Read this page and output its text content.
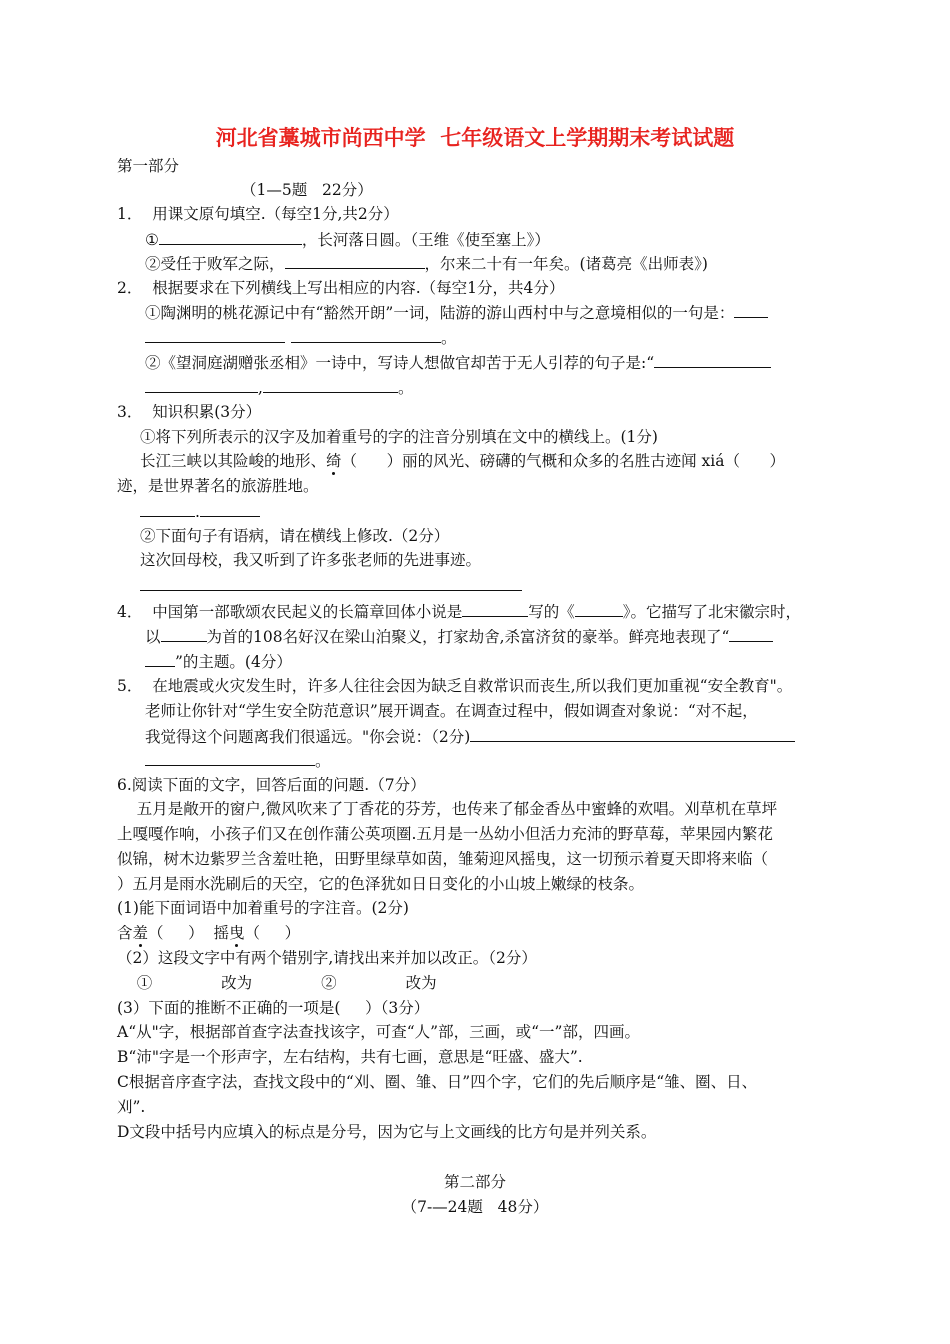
河北省藁城市尚西中学  七年级语文上学期期末考试试题
第一部分
（1—5题   22分）
1．  用课文原句填空.（每空1分,共2分）
①	，长河落日圆。（王维《使至塞上》）
②受任于败军之际，	，尔来二十有一年矣。(诸葛亮《出师表》)
2．  根据要求在下列横线上写出相应的内容.（每空1分，共4分）
①陶渊明的桃花源记中有“豁然开朗”一词，陆游的游山西村中与之意境相似的一句是：
。
②《望洞庭湖赠张丞相》一诗中，写诗人想做官却苦于无人引荐的句子是:“
,	。
3．  知识积累(3分）
①将下列所表示的汉字及加着重号的字的注音分别填在文中的横线上。(1分)
长江三峡以其险峻的地形、绮（      ）丽的风光、磅礴的气概和众多的名胜古迹闻 xiá（      ）
迹，是世界著名的旅游胜地。
.
②下面句子有语病，请在横线上修改.（2分）
这次回母校，我又听到了许多张老师的先进事迹。
4．  中国第一部歌颂农民起义的长篇章回体小说是	写的《	》。它描写了北宋徽宗时，
以	为首的108名好汉在梁山泊聚义，打家劫舍,杀富济贫的豪举。鲜亮地表现了“
”的主题。(4分）
5．  在地震或火灾发生时，许多人往往会因为缺乏自救常识而丧生,所以我们更加重视“安全教育"。
老师让你针对“学生安全防范意识”展开调查。在调查过程中，假如调查对象说：“对不起，
我觉得这个问题离我们很遥远。"你会说：（2分)
。
6.阅读下面的文字，回答后面的问题.（7分）
五月是敞开的窗户,微风吹来了丁香花的芬芳，也传来了郁金香丛中蜜蜂的欢唱。刈草机在草坪
上嘎嘎作响，小孩子们又在创作蒲公英项圈.五月是一丛幼小但活力充沛的野草莓，苹果园内繁花
似锦，树木边紫罗兰含羞吐艳，田野里绿草如茵，雏菊迎风摇曳，这一切预示着夏天即将来临（
）五月是雨水洗刷后的天空，它的色泽犹如日日变化的小山坡上嫩绿的枝条。
(1)能下面词语中加着重号的字注音。(2分)
含羞（     ）  摇曳（     ）
（2）这段文字中有两个错别字,请找出来并加以改正。（2分）
①              改为              ②              改为
(3）下面的推断不正确的一项是(     ）（3分）
A“从"字，根据部首查字法查找该字，可查“人”部，三画，或“一”部，四画。
B“沛"字是一个形声字，左右结构，共有七画，意思是“旺盛、盛大”.
C根据音序查字法，查找文段中的“刈、圈、雏、日”四个字，它们的先后顺序是“雏、圈、日、
刈”.
D文段中括号内应填入的标点是分号，因为它与上文画线的比方句是并列关系。
第二部分
（7-—24题   48分）
